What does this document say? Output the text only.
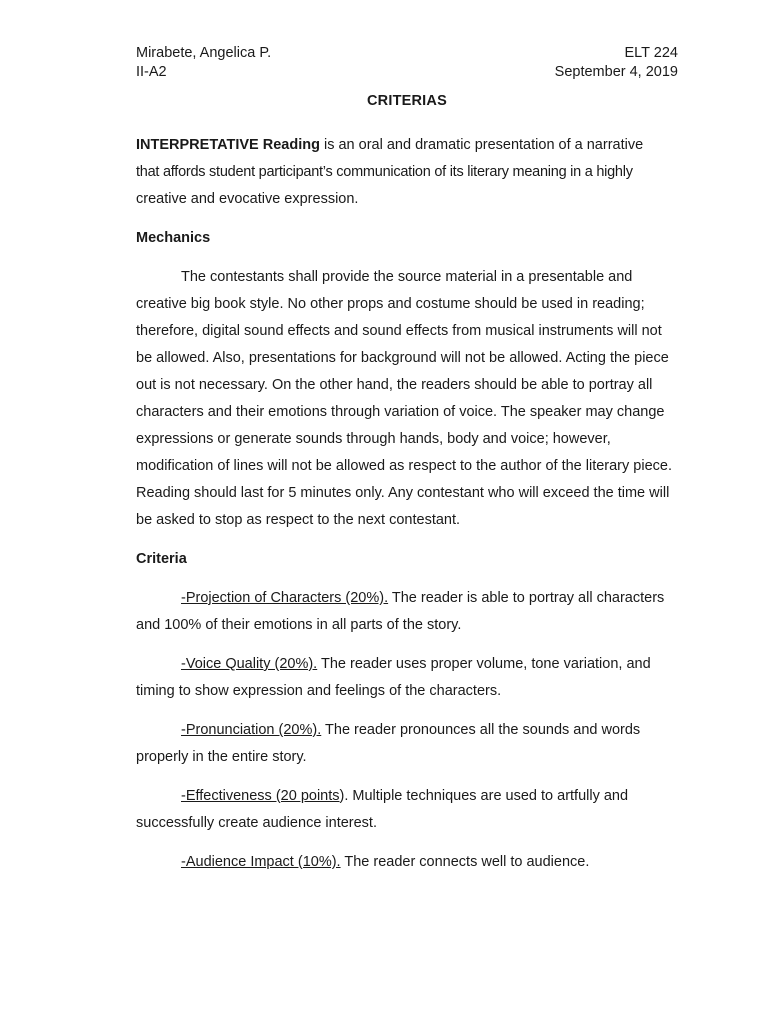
Mirabete, Angelica P.	ELT 224
II-A2	September 4, 2019
CRITERIAS
INTERPRETATIVE Reading is an oral and dramatic presentation of a narrative
that affords student participant’s communication of its literary meaning in a highly
creative and evocative expression.
Mechanics
The contestants shall provide the source material in a presentable and creative big book style. No other props and costume should be used in reading; therefore, digital sound effects and sound effects from musical instruments will not be allowed. Also, presentations for background will not be allowed. Acting the piece out is not necessary. On the other hand, the readers should be able to portray all characters and their emotions through variation of voice. The speaker may change expressions or generate sounds through hands, body and voice; however, modification of lines will not be allowed as respect to the author of the literary piece. Reading should last for 5 minutes only. Any contestant who will exceed the time will be asked to stop as respect to the next contestant.
Criteria
-Projection of Characters (20%). The reader is able to portray all characters and 100% of their emotions in all parts of the story.
-Voice Quality (20%). The reader uses proper volume, tone variation, and timing to show expression and feelings of the characters.
-Pronunciation (20%). The reader pronounces all the sounds and words properly in the entire story.
-Effectiveness (20 points). Multiple techniques are used to artfully and successfully create audience interest.
-Audience Impact (10%). The reader connects well to audience.
